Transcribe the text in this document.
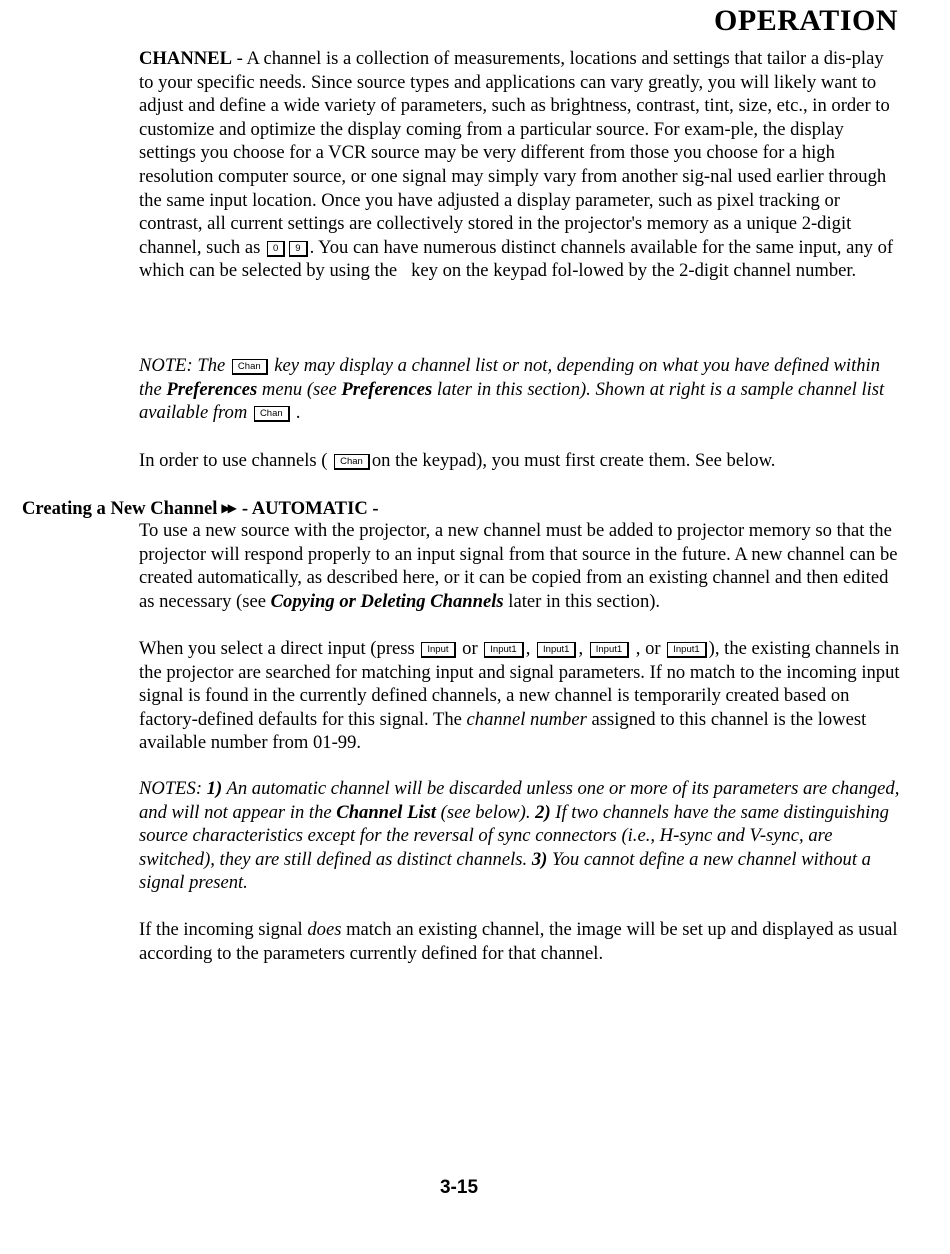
OPERATION

CHANNEL - A channel is a collection of measurements, locations and settings that tailor a dis-play to your specific needs. Since source types and applications can vary greatly, you will likely want to adjust and define a wide variety of parameters, such as brightness, contrast, tint, size, etc., in order to customize and optimize the display coming from a particular source. For exam-ple, the display settings you choose for a VCR source may be very different from those you choose for a high resolution computer source, or one signal may simply vary from another sig-nal used earlier through the same input location. Once you have adjusted a display parameter, such as pixel tracking or contrast, all current settings are collectively stored in the projector's memory as a unique 2-digit channel, such as 0 9 . You can have numerous distinct channels available for the same input, any of which can be selected by using the   key on the keypad fol-lowed by the 2-digit channel number.

NOTE: The Chan key may display a channel list or not, depending on what you have defined within the Preferences menu (see Preferences later in this section). Shown at right is a sample channel list available from Chan .

In order to use channels ( Chan on the keypad), you must first create them. See below.

Creating a New Channel ▶▶ - AUTOMATIC -

To use a new source with the projector, a new channel must be added to projector memory so that the projector will respond properly to an input signal from that source in the future. A new channel can be created automatically, as described here, or it can be copied from an existing channel and then edited as necessary (see Copying or Deleting Channels later in this section).

When you select a direct input (press Input or Input1 , Input1 , Input1 , or Input1 ), the existing channels in the projector are searched for matching input and signal parameters. If no match to the incoming input signal is found in the currently defined channels, a new channel is temporarily created based on factory-defined defaults for this signal. The channel number assigned to this channel is the lowest available number from 01-99.

NOTES: 1) An automatic channel will be discarded unless one or more of its parameters are changed, and will not appear in the Channel List (see below). 2) If two channels have the same distinguishing source characteristics except for the reversal of sync connectors (i.e., H-sync and V-sync, are switched), they are still defined as distinct channels. 3) You cannot define a new channel without a signal present.

If the incoming signal does match an existing channel, the image will be set up and displayed as usual according to the parameters currently defined for that channel.

3-15
